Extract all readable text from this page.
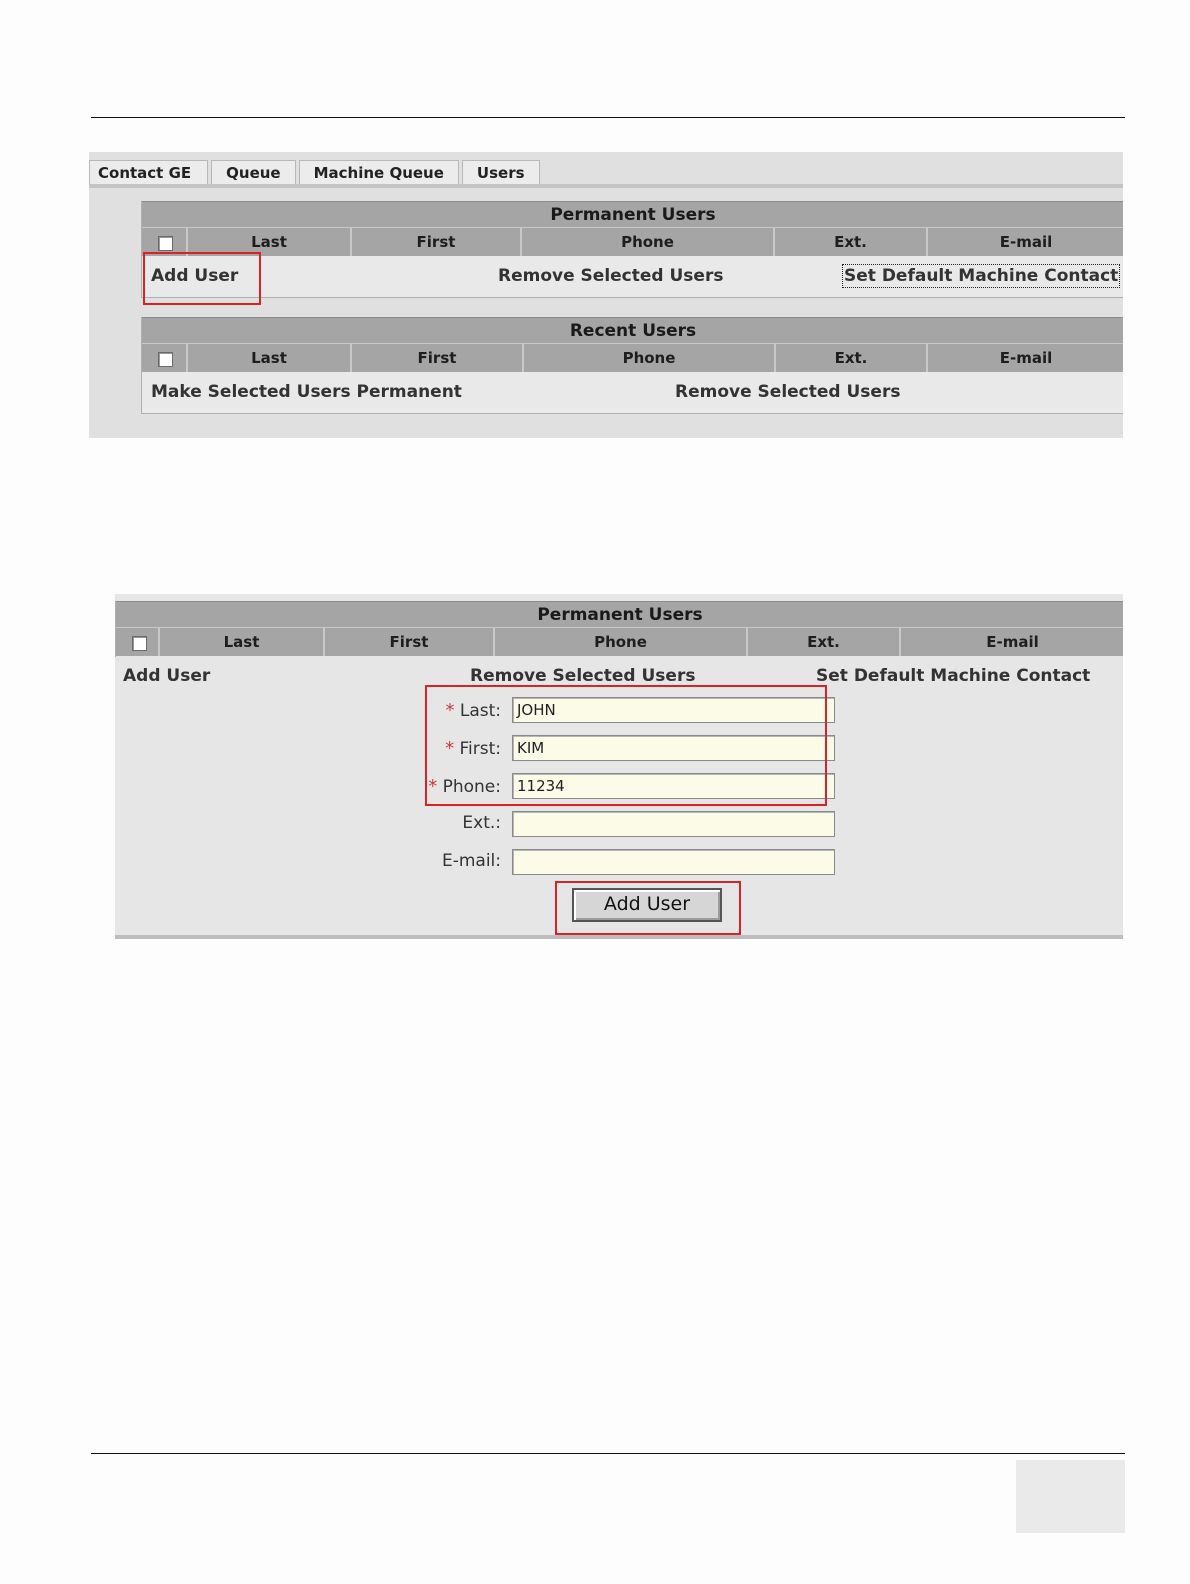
Contact GE	Queue	Machine Queue	Users
Permanent Users
Last	First	Phone	Ext.	E-mail
Add User	Remove Selected Users	Set Default Machine Contact
Recent Users
Last	First	Phone	Ext.	E-mail
Make Selected Users Permanent	Remove Selected Users
Permanent Users
Last	First	Phone	Ext.	E-mail
Add User	Remove Selected Users	Set Default Machine Contact
* Last:	JOHN
* First:	KIM
* Phone:	11234
Ext.:
E-mail:
Add User
